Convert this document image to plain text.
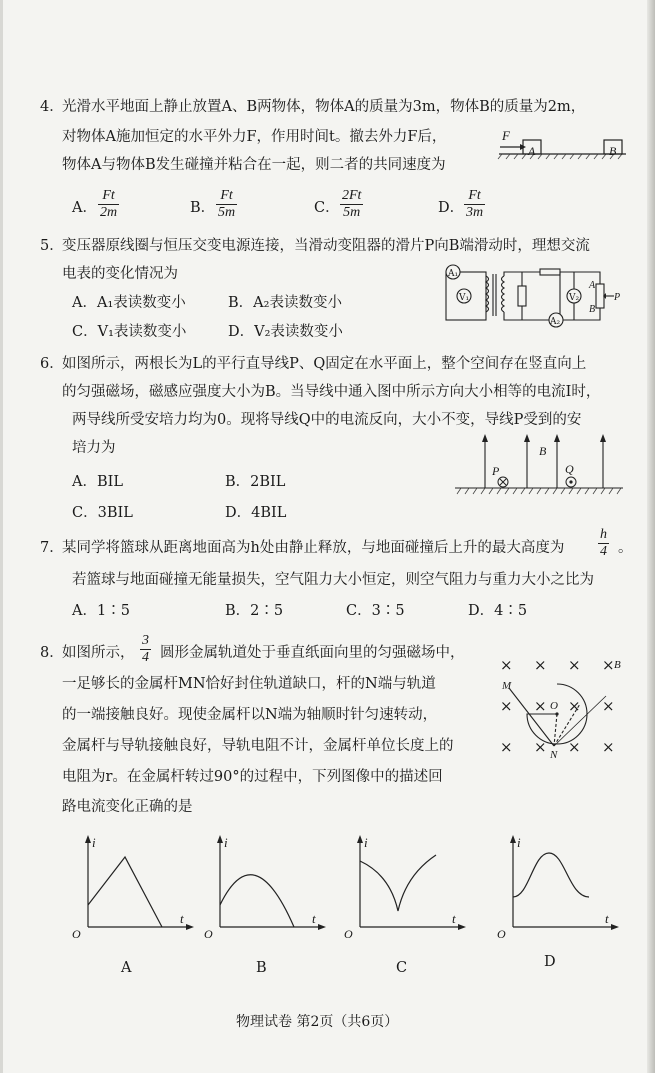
4．
光滑水平地面上静止放置A、B两物体，物体A的质量为3m，物体B的质量为2m，
对物体A施加恒定的水平外力F，作用时间t。撤去外力F后，
物体A与物体B发生碰撞并粘合在一起，则二者的共同速度为
F
A	B
A． $\frac{Ft}{2m}$	B． $\frac{Ft}{5m}$	C． $\frac{2Ft}{5m}$	D． $\frac{Ft}{3m}$
5．
变压器原线圈与恒压交变电源连接，当滑动变阻器的滑片P向B端滑动时，理想交流
电表的变化情况为
A．A₁表读数变小	B．A₂表读数变小
C．V₁表读数变小	D．V₂表读数变小
A₁
V₁	V₂
A₂
A
B
P
6．
如图所示，两根长为L的平行直导线P、Q固定在水平面上，整个空间存在竖直向上
的匀强磁场，磁感应强度大小为B。当导线中通入图中所示方向大小相等的电流I时，
两导线所受安培力均为0。现将导线Q中的电流反向，大小不变，导线P受到的安
培力为
A．BIL	B．2BIL
C．3BIL	D．4BIL
P	Q
B
7．
某同学将篮球从距离地面高为h处由静止释放，与地面碰撞后上升的最大高度为 $\frac{h}{4}$ 。
若篮球与地面碰撞无能量损失，空气阻力大小恒定，则空气阻力与重力大小之比为
A．1∶5	B．2∶5	C．3∶5	D．4∶5
8．
如图所示， $\frac{3}{4}$ 圆形金属轨道处于垂直纸面向里的匀强磁场中，
一足够长的金属杆MN恰好封住轨道缺口，杆的N端与轨道
的一端接触良好。现使金属杆以N端为轴顺时针匀速转动，
金属杆与导轨接触良好，导轨电阻不计，金属杆单位长度上的
电阻为r。在金属杆转过90°的过程中，下列图像中的描述回
路电流变化正确的是
× × × ×
× × × ×
× × × ×
M
O
N
B
i
t
O
A
i
t
O
B
i
t
O
C
i
t
O
D
物理试卷 第2页（共6页）
